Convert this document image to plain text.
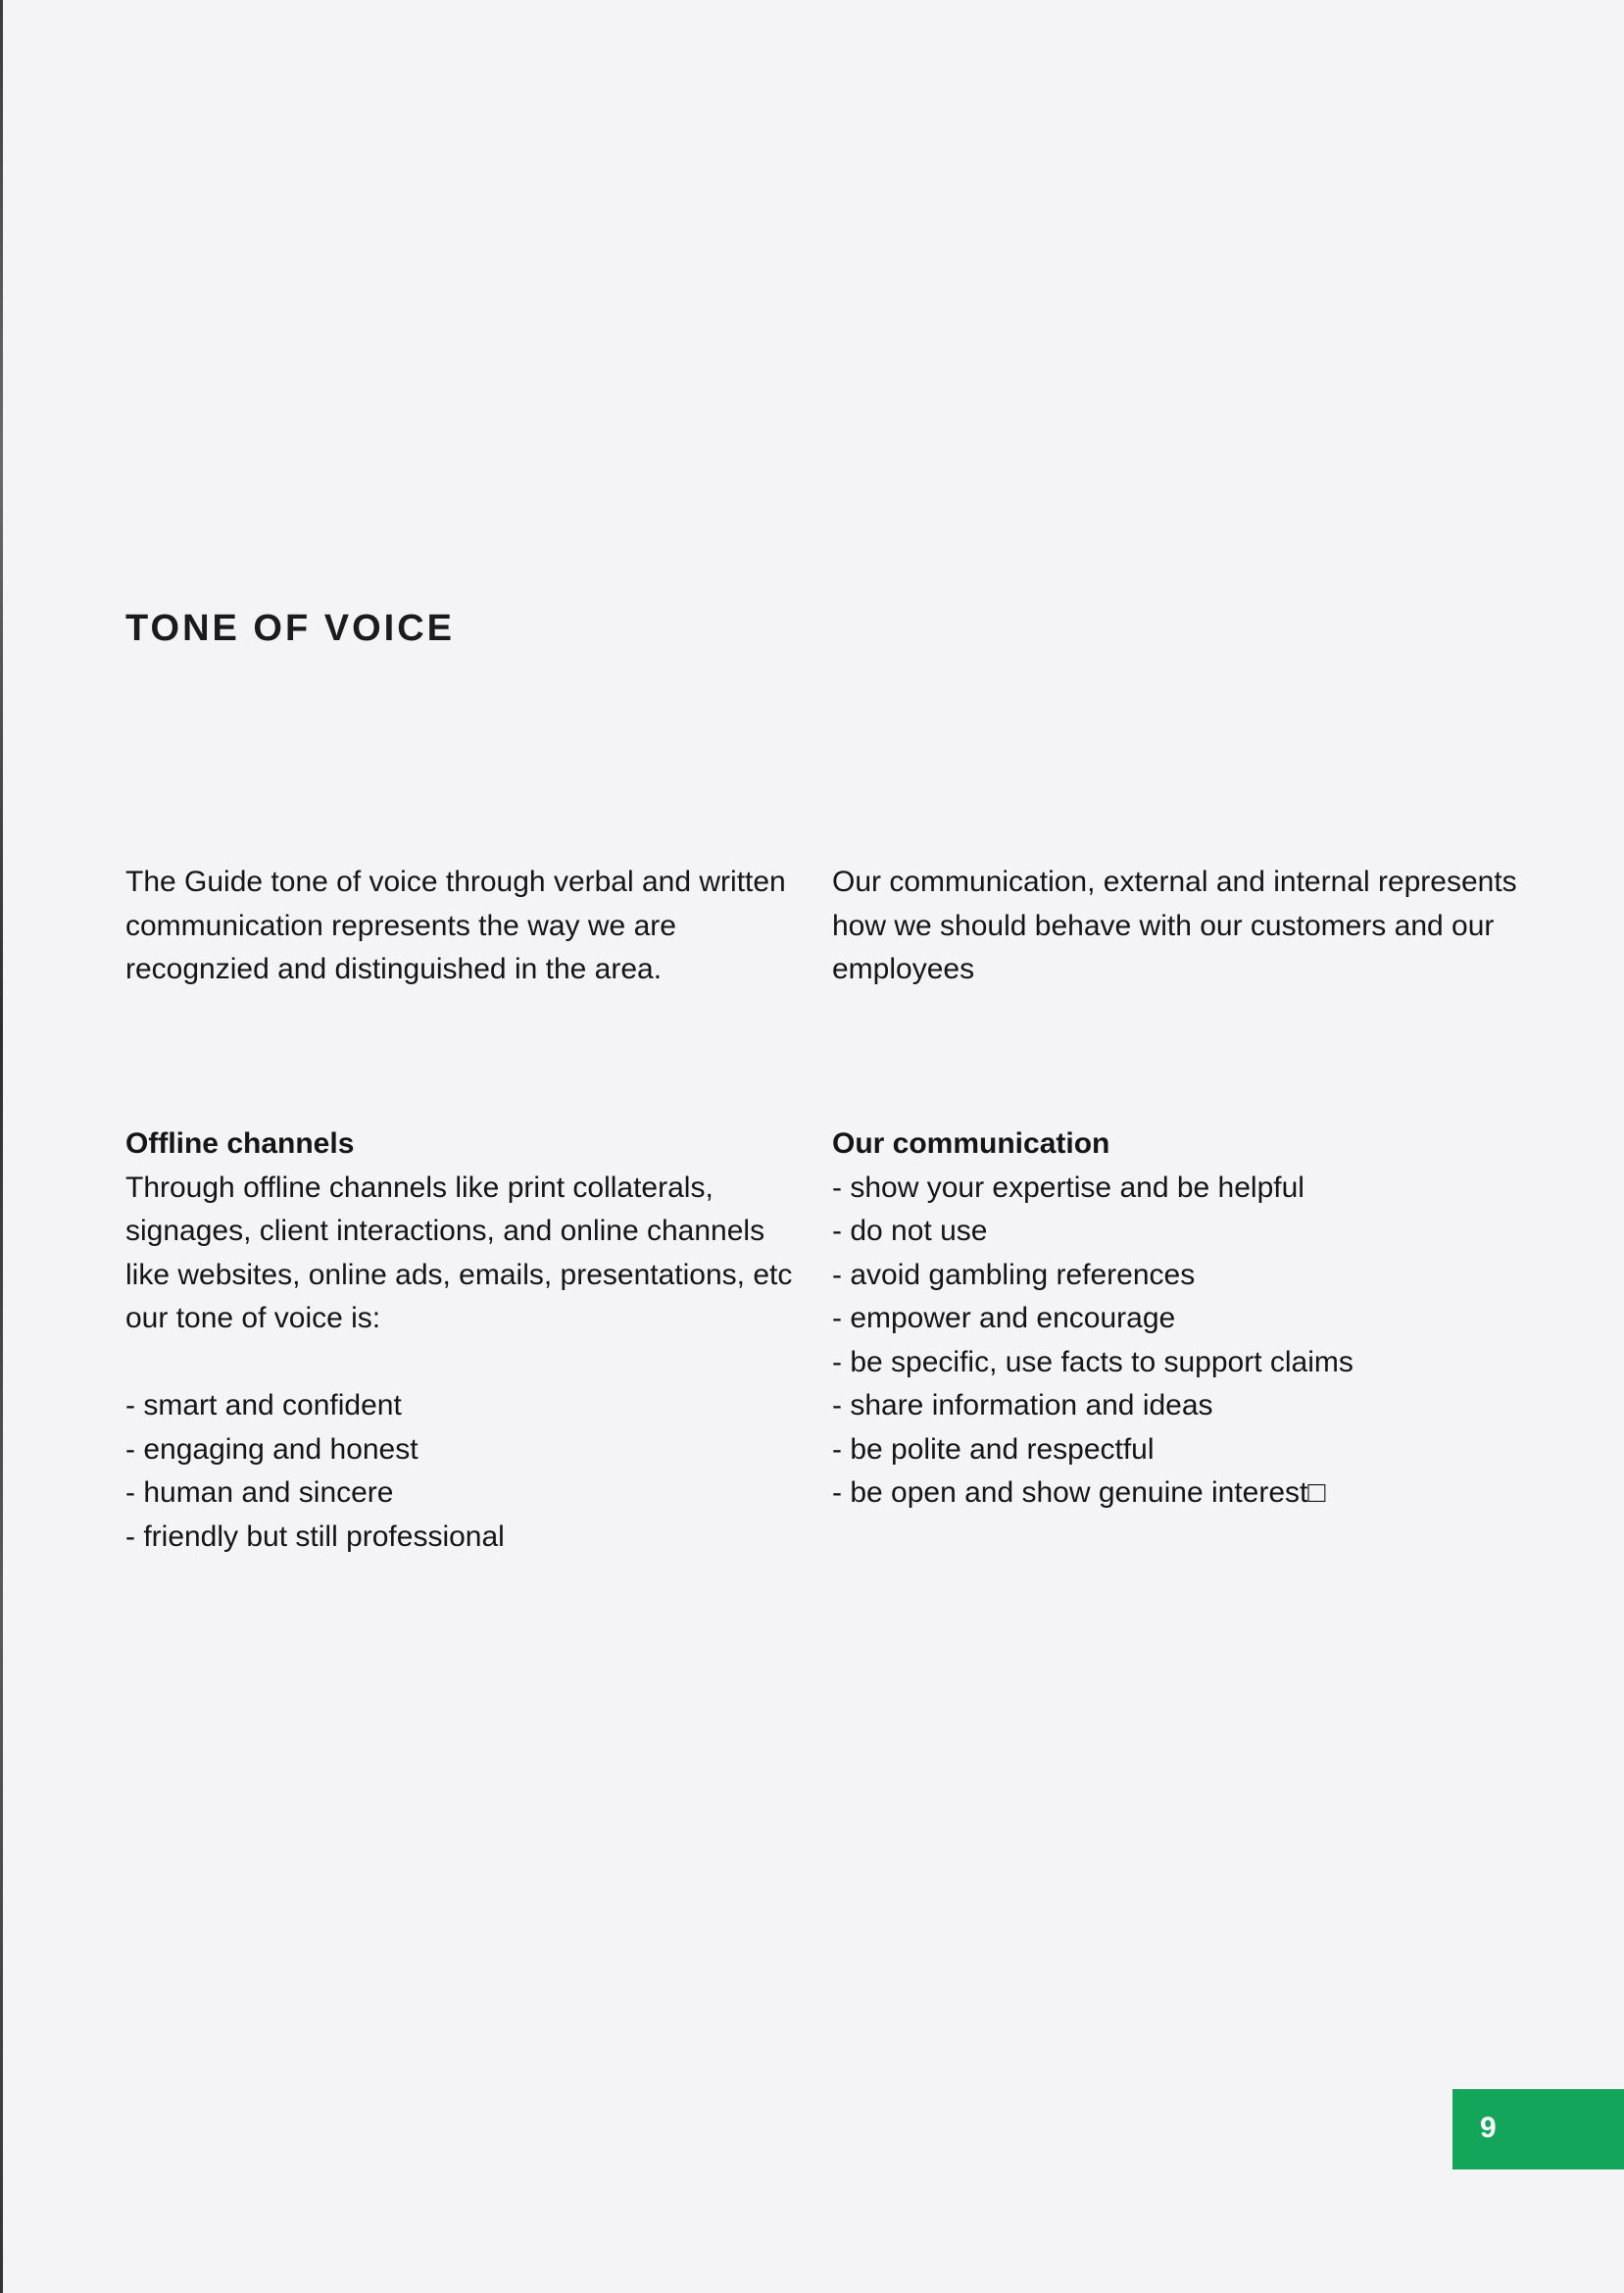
TONE OF VOICE

The Guide tone of voice through verbal and written communication represents the way we are recognzied and distinguished in the area.

Our communication, external and internal represents how we should behave with our customers and our employees

Offline channels

Through offline channels like print collaterals, signages, client interactions, and online channels like websites, online ads, emails, presentations, etc our tone of voice is:

- smart and confident
- engaging and honest
- human and sincere
- friendly but still professional

Our communication

- show your expertise and be helpful
- do not use
- avoid gambling references
- empower and encourage
- be specific, use facts to support claims
- share information and ideas
- be polite and respectful
- be open and show genuine interest□
9
